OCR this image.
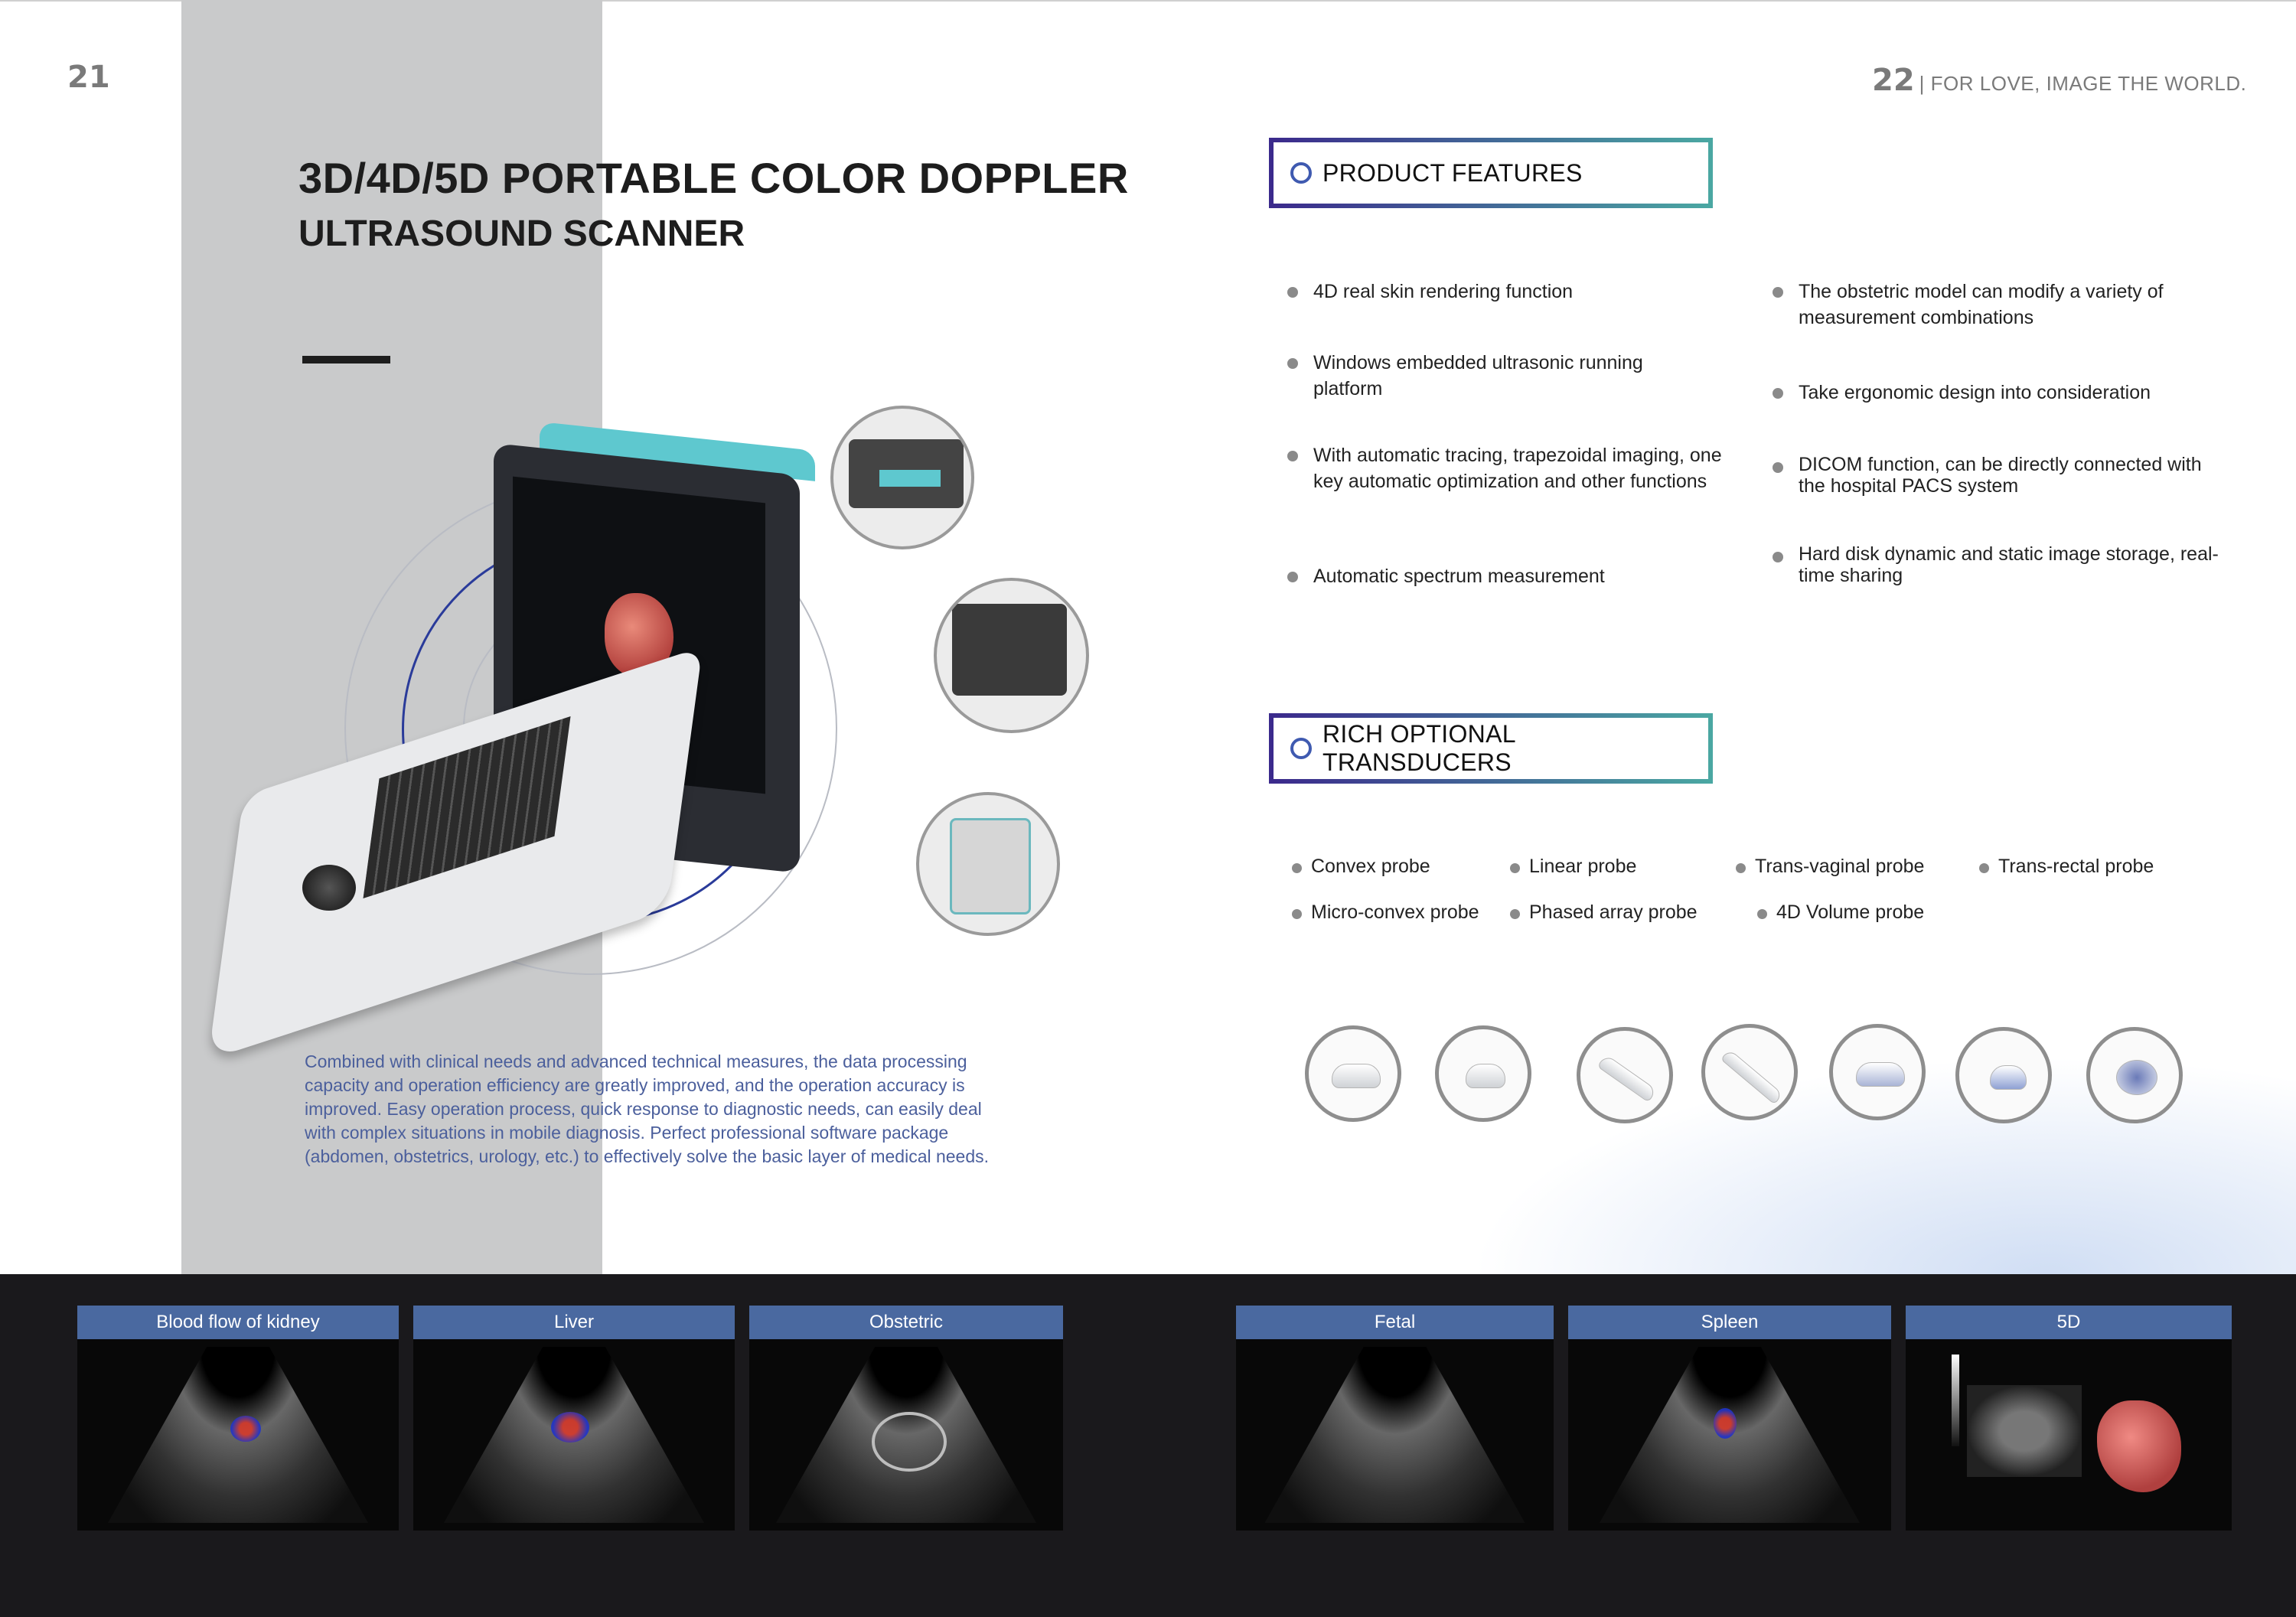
21
3D/4D/5D PORTABLE COLOR DOPPLER
ULTRASOUND SCANNER
Combined with clinical needs and advanced technical measures, the data processing capacity and operation efficiency are greatly improved, and the operation accuracy is improved. Easy operation process, quick response to diagnostic needs, can easily deal with complex situations in mobile diagnosis. Perfect professional software package (abdomen, obstetrics, urology, etc.) to effectively solve the basic layer of medical needs.
22 | FOR LOVE, IMAGE THE WORLD.
PRODUCT FEATURES
4D real skin rendering function
Windows embedded ultrasonic running platform
With automatic tracing, trapezoidal imaging, one key automatic optimization and other functions
Automatic spectrum measurement
The obstetric model can modify a variety of measurement combinations
Take ergonomic design into consideration
DICOM function, can be directly connected with the hospital PACS system
Hard disk dynamic and static image storage, real-time sharing
RICH OPTIONAL TRANSDUCERS
Convex probe	Linear probe	Trans-vaginal probe	Trans-rectal probe
Micro-convex probe	Phased array probe	4D Volume probe
Blood flow of kidney	Liver	Obstetric	Fetal	Spleen	5D
